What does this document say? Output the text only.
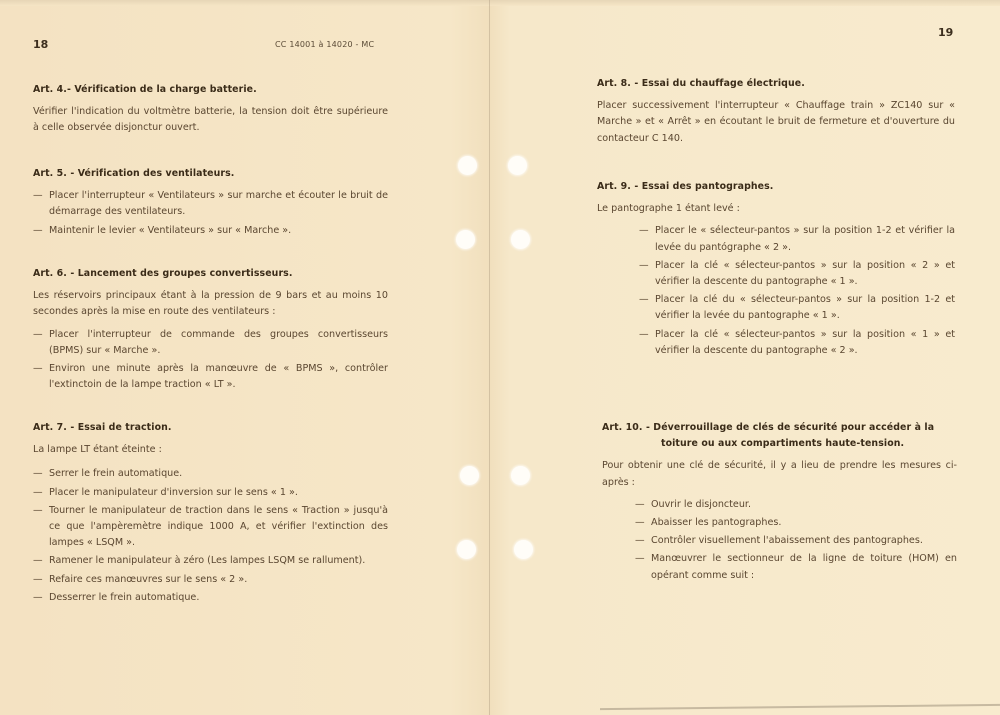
18	CC 14001 à 14020 - MC
Art. 4.- Vérification de la charge batterie.

Vérifier l'indication du voltmètre batterie, la tension doit être supérieure à celle observée disjonctur ouvert.

Art. 5. - Vérification des ventilateurs.
— Placer l'interrupteur « Ventilateurs » sur marche et écouter le bruit de démarrage des ventilateurs.
— Maintenir le levier « Ventilateurs » sur « Marche ».
Art. 6. - Lancement des groupes convertisseurs.

Les réservoirs principaux étant à la pression de 9 bars et au moins 10 secondes après la mise en route des ventilateurs :

— Placer l'interrupteur de commande des groupes convertisseurs (BPMS) sur « Marche ».
— Environ une minute après la manœuvre de « BPMS », contrôler l'extinctoin de la lampe traction « LT ».
Art. 7. - Essai de traction.

La lampe LT étant éteinte :

— Serrer le frein automatique.
— Placer le manipulateur d'inversion sur le sens « 1 ».
— Tourner le manipulateur de traction dans le sens « Traction » jusqu'à ce que l'ampèremètre indique 1000 A, et vérifier l'extinction des lampes « LSQM ».
— Ramener le manipulateur à zéro (Les lampes LSQM se rallument).
— Refaire ces manœuvres sur le sens « 2 ».
— Desserrer le frein automatique.
19
Art. 8. - Essai du chauffage électrique.

Placer successivement l'interrupteur « Chauffage train » ZC140 sur « Marche » et « Arrêt » en écoutant le bruit de fermeture et d'ouverture du contacteur C 140.

Art. 9. - Essai des pantographes.

Le pantographe 1 étant levé :

— Placer le « sélecteur-pantos » sur la position 1-2 et vérifier la levée du pantógraphe « 2 ».
— Placer la clé « sélecteur-pantos » sur la position « 2 » et vérifier la descente du pantographe « 1 ».
— Placer la clé du « sélecteur-pantos » sur la position 1-2 et vérifier la levée du pantographe « 1 ».
— Placer la clé « sélecteur-pantos » sur la position « 1 » et vérifier la descente du pantographe « 2 ».
Art. 10. - Déverrouillage de clés de sécurité pour accéder à la
toiture ou aux compartiments haute-tension.

Pour obtenir une clé de sécurité, il y a lieu de prendre les mesures ci-après :

— Ouvrir le disjoncteur.
— Abaisser les pantographes.
— Contrôler visuellement l'abaissement des pantographes.
— Manœuvrer le sectionneur de la ligne de toiture (HOM) en opérant comme suit :
